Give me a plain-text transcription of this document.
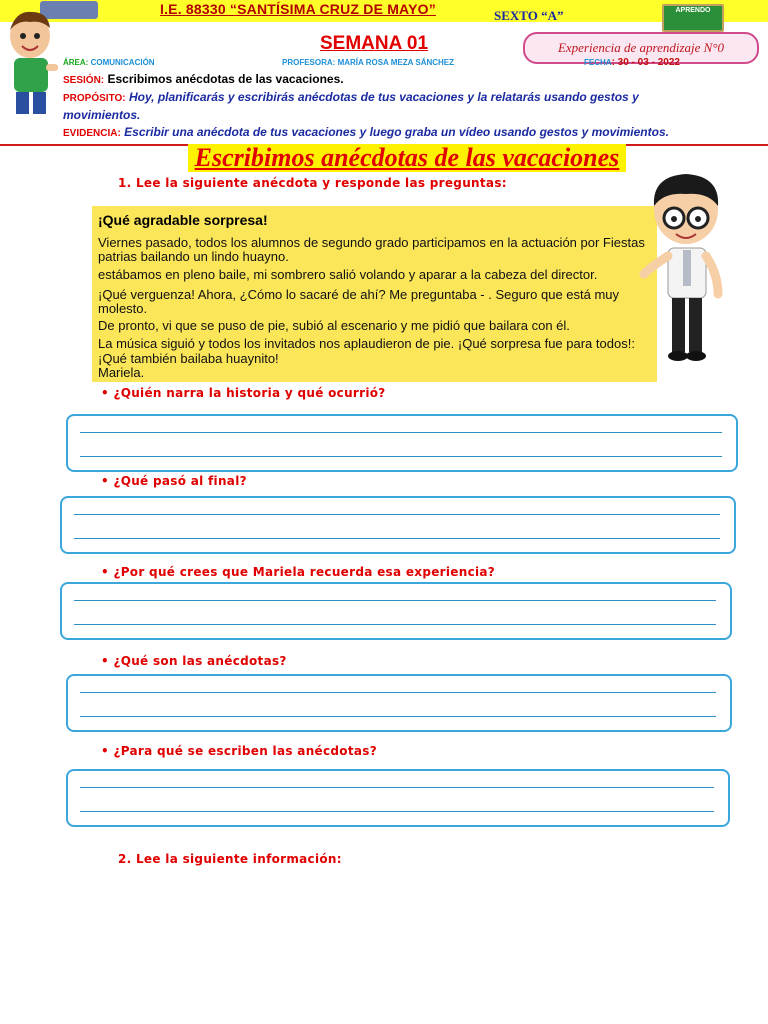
I.E. 88330 “SANTÍSIMA CRUZ DE MAYO”	SEXTO “A”	APRENDO
SEMANA 01	Experiencia de aprendizaje N°0
ÁREA: COMUNICACIÓN	PROFESORA: MARÍA ROSA MEZA SÁNCHEZ	FECHA: 30 - 03 - 2022
SESIÓN: Escribimos anécdotas de las vacaciones.
PROPÓSITO: Hoy, planificarás y escribirás anécdotas de tus vacaciones y la relatarás usando gestos y
movimientos.
EVIDENCIA: Escribir una anécdota de tus vacaciones y luego graba un vídeo usando gestos y movimientos.
Escribimos anécdotas de las vacaciones
1. Lee la siguiente anécdota y responde las preguntas:
¡Qué agradable sorpresa!
Viernes pasado, todos los alumnos de segundo grado participamos en la actuación por Fiestas
patrias bailando un lindo huayno.
estábamos en pleno baile, mi sombrero salió volando y aparar a la cabeza del director.
¡Qué verguenza! Ahora, ¿Cómo lo sacaré de ahí? Me preguntaba - . Seguro que está muy
molesto.
De pronto, vi que se puso de pie, subió al escenario y me pidió que bailara con él.
La música siguió y todos los invitados nos aplaudieron de pie. ¡Qué sorpresa fue para todos!:
¡Qué también bailaba huaynito!
Mariela.
• ¿Quién narra la historia y qué ocurrió?
• ¿Qué pasó al final?
• ¿Por qué crees que Mariela recuerda esa experiencia?
• ¿Qué son las anécdotas?
• ¿Para qué se escriben las anécdotas?
2. Lee la siguiente información:
